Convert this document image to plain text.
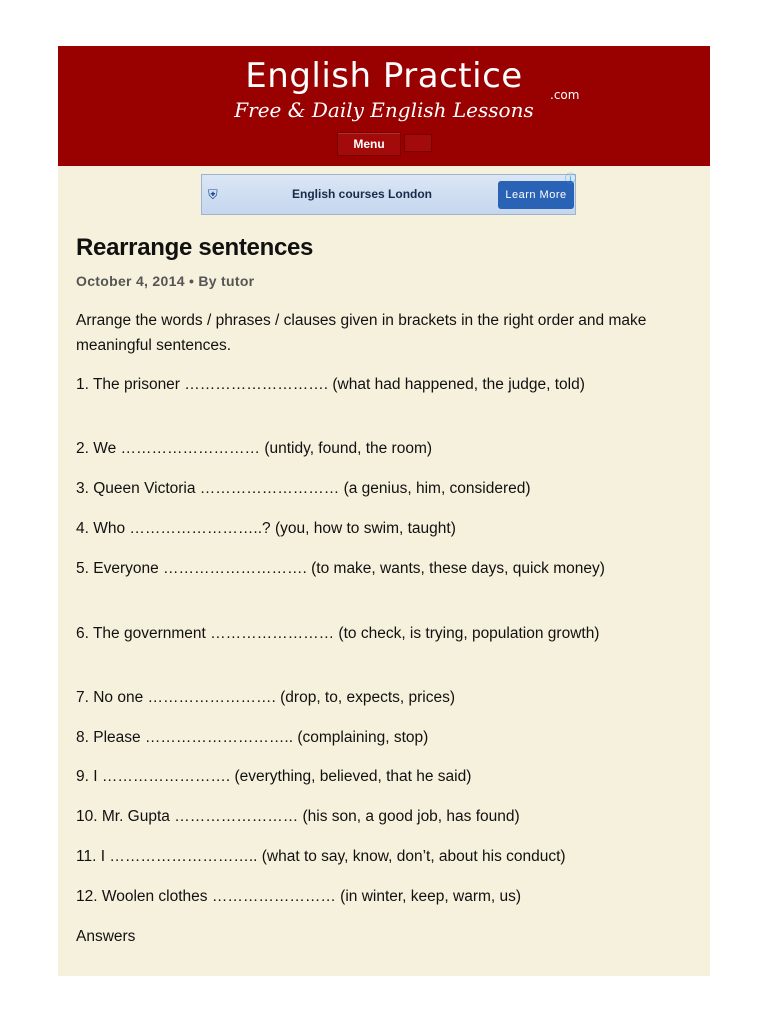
English Practice	.com
Free & Daily English Lessons
Menu
⛨	English courses London	Learn More
ⓘ
Rearrange sentences
October 4, 2014 • By tutor
Arrange the words / phrases / clauses given in brackets in the right order and make meaningful sentences.
1. The prisoner ………………………. (what had happened, the judge, told)
2. We ……………………… (untidy, found, the room)
3. Queen Victoria ……………………… (a genius, him, considered)
4. Who ……………………..? (you, how to swim, taught)
5. Everyone ………………………. (to make, wants, these days, quick money)
6. The government …………………… (to check, is trying, population growth)
7. No one ……………………. (drop, to, expects, prices)
8. Please ……………………….. (complaining, stop)
9. I ……………………. (everything, believed, that he said)
10. Mr. Gupta …………………… (his son, a good job, has found)
11. I ……………………….. (what to say, know, don’t, about his conduct)
12. Woolen clothes …………………… (in winter, keep, warm, us)
Answers
